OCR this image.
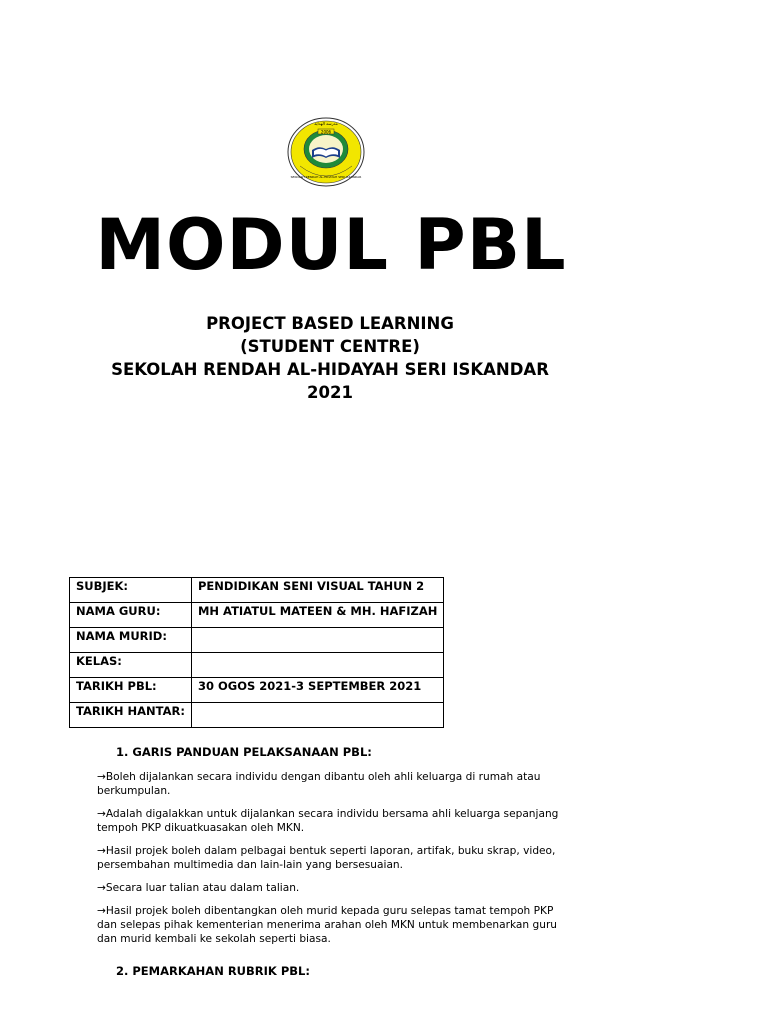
2006
SEKOLAH RENDAH AL-HIDAYAH SERI ISKANDAR
مدرسة الهداية
MODUL PBL
PROJECT BASED LEARNING
(STUDENT CENTRE)
SEKOLAH RENDAH AL-HIDAYAH SERI ISKANDAR
2021
SUBJEK:	PENDIDIKAN SENI VISUAL TAHUN 2
NAMA GURU:	MH ATIATUL MATEEN & MH. HAFIZAH
NAMA MURID:	
KELAS:	
TARIKH PBL:	30 OGOS 2021-3 SEPTEMBER 2021
TARIKH HANTAR:	
1. GARIS PANDUAN PELAKSANAAN PBL:

→Boleh dijalankan secara individu dengan dibantu oleh ahli keluarga di rumah atau berkumpulan.

→Adalah digalakkan untuk dijalankan secara individu bersama ahli keluarga sepanjang tempoh PKP dikuatkuasakan oleh MKN.

→Hasil projek boleh dalam pelbagai bentuk seperti laporan, artifak, buku skrap, video, persembahan multimedia dan lain-lain yang bersesuaian.

→Secara luar talian atau dalam talian.

→Hasil projek boleh dibentangkan oleh murid kepada guru selepas tamat tempoh PKP dan selepas pihak kementerian menerima arahan oleh MKN untuk membenarkan guru dan murid kembali ke sekolah seperti biasa.

2. PEMARKAHAN RUBRIK PBL:
